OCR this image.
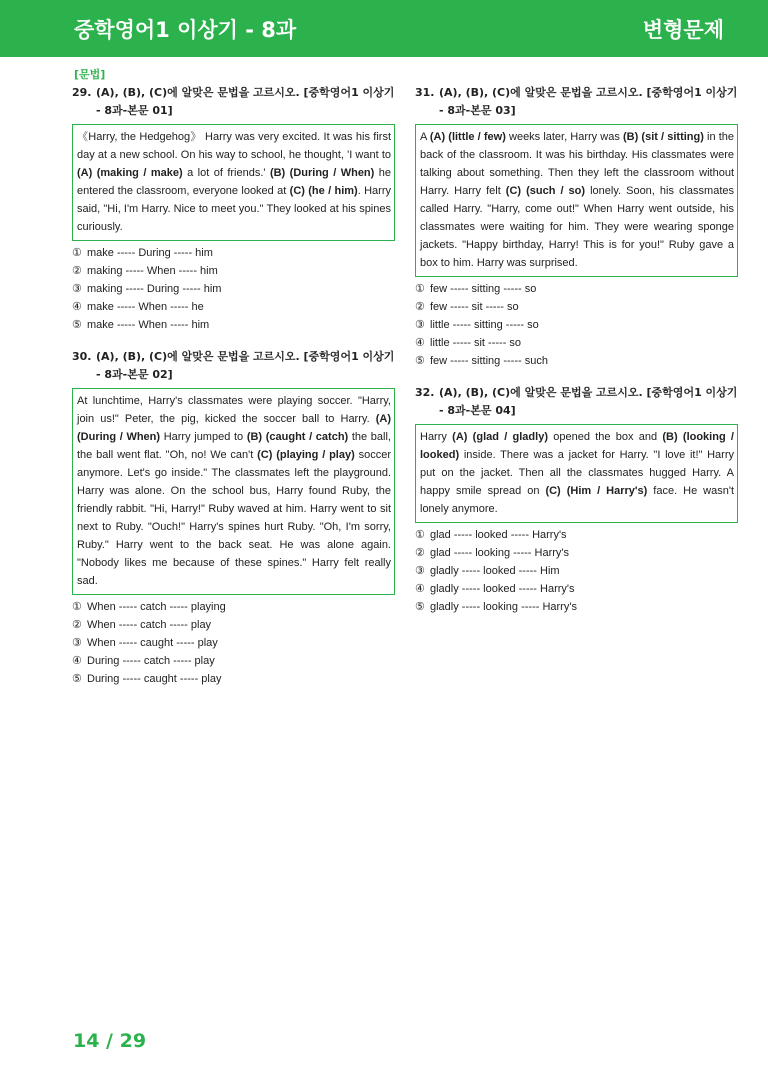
중학영어1 이상기 - 8과	변형문제
[문법]
29. (A), (B), (C)에 알맞은 문법을 고르시오. [중학영어1 이상기 - 8과-본문 01]
《Harry, the Hedgehog》 Harry was very excited. It was his first day at a new school. On his way to school, he thought, 'I want to (A) (making / make) a lot of friends.' (B) (During / When) he entered the classroom, everyone looked at (C) (he / him). Harry said, "Hi, I'm Harry. Nice to meet you." They looked at his spines curiously.
① make ----- During ----- him
② making ----- When ----- him
③ making ----- During ----- him
④ make ----- When ----- he
⑤ make ----- When ----- him
30. (A), (B), (C)에 알맞은 문법을 고르시오. [중학영어1 이상기 - 8과-본문 02]
At lunchtime, Harry's classmates were playing soccer. "Harry, join us!" Peter, the pig, kicked the soccer ball to Harry. (A) (During / When) Harry jumped to (B) (caught / catch) the ball, the ball went flat. "Oh, no! We can't (C) (playing / play) soccer anymore. Let's go inside." The classmates left the playground. Harry was alone. On the school bus, Harry found Ruby, the friendly rabbit. "Hi, Harry!" Ruby waved at him. Harry went to sit next to Ruby. "Ouch!" Harry's spines hurt Ruby. "Oh, I'm sorry, Ruby." Harry went to the back seat. He was alone again. "Nobody likes me because of these spines." Harry felt really sad.
① When ----- catch ----- playing
② When ----- catch ----- play
③ When ----- caught ----- play
④ During ----- catch ----- play
⑤ During ----- caught ----- play
31. (A), (B), (C)에 알맞은 문법을 고르시오. [중학영어1 이상기 - 8과-본문 03]
A (A) (little / few) weeks later, Harry was (B) (sit / sitting) in the back of the classroom. It was his birthday. His classmates were talking about something. Then they left the classroom without Harry. Harry felt (C) (such / so) lonely. Soon, his classmates called Harry. "Harry, come out!" When Harry went outside, his classmates were waiting for him. They were wearing sponge jackets. "Happy birthday, Harry! This is for you!" Ruby gave a box to him. Harry was surprised.
① few ----- sitting ----- so
② few ----- sit ----- so
③ little ----- sitting ----- so
④ little ----- sit ----- so
⑤ few ----- sitting ----- such
32. (A), (B), (C)에 알맞은 문법을 고르시오. [중학영어1 이상기 - 8과-본문 04]
Harry (A) (glad / gladly) opened the box and (B) (looking / looked) inside. There was a jacket for Harry. "I love it!" Harry put on the jacket. Then all the classmates hugged Harry. A happy smile spread on (C) (Him / Harry's) face. He wasn't lonely anymore.
① glad ----- looked ----- Harry's
② glad ----- looking ----- Harry's
③ gladly ----- looked ----- Him
④ gladly ----- looked ----- Harry's
⑤ gladly ----- looking ----- Harry's
14 / 29
